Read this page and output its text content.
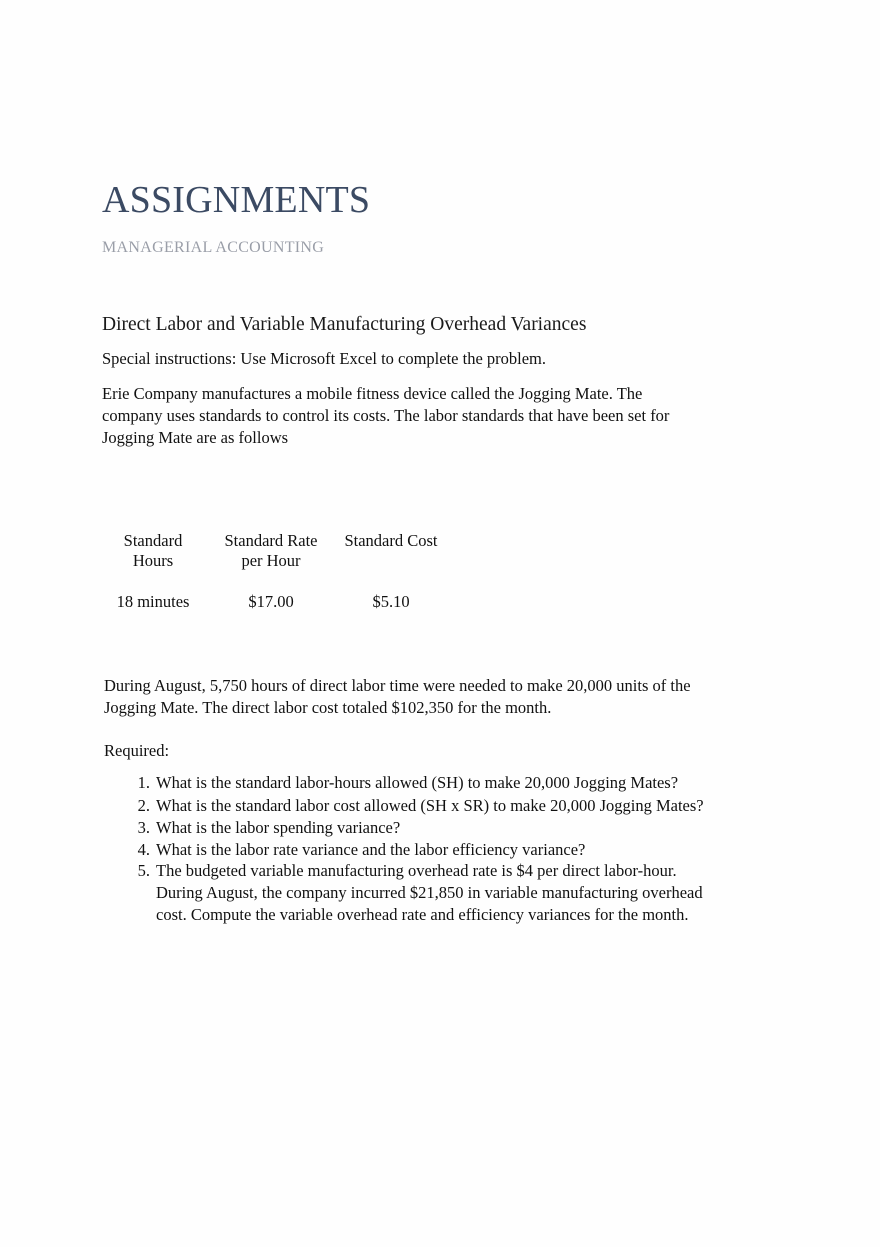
ASSIGNMENTS
MANAGERIAL ACCOUNTING
Direct Labor and Variable Manufacturing Overhead Variances
Special instructions: Use Microsoft Excel to complete the problem.
Erie Company manufactures a mobile fitness device called the Jogging Mate. The
company uses standards to control its costs. The labor standards that have been set for
Jogging Mate are as follows
Standard
Hours
Standard Rate
per Hour
Standard Cost
18 minutes	$17.00	$5.10
During August, 5,750 hours of direct labor time were needed to make 20,000 units of the
Jogging Mate. The direct labor cost totaled $102,350 for the month.
Required:
1. What is the standard labor-hours allowed (SH) to make 20,000 Jogging Mates?
2. What is the standard labor cost allowed (SH x SR) to make 20,000 Jogging Mates?
3. What is the labor spending variance?
4. What is the labor rate variance and the labor efficiency variance?
5. The budgeted variable manufacturing overhead rate is $4 per direct labor-hour.
During August, the company incurred $21,850 in variable manufacturing overhead
cost. Compute the variable overhead rate and efficiency variances for the month.
